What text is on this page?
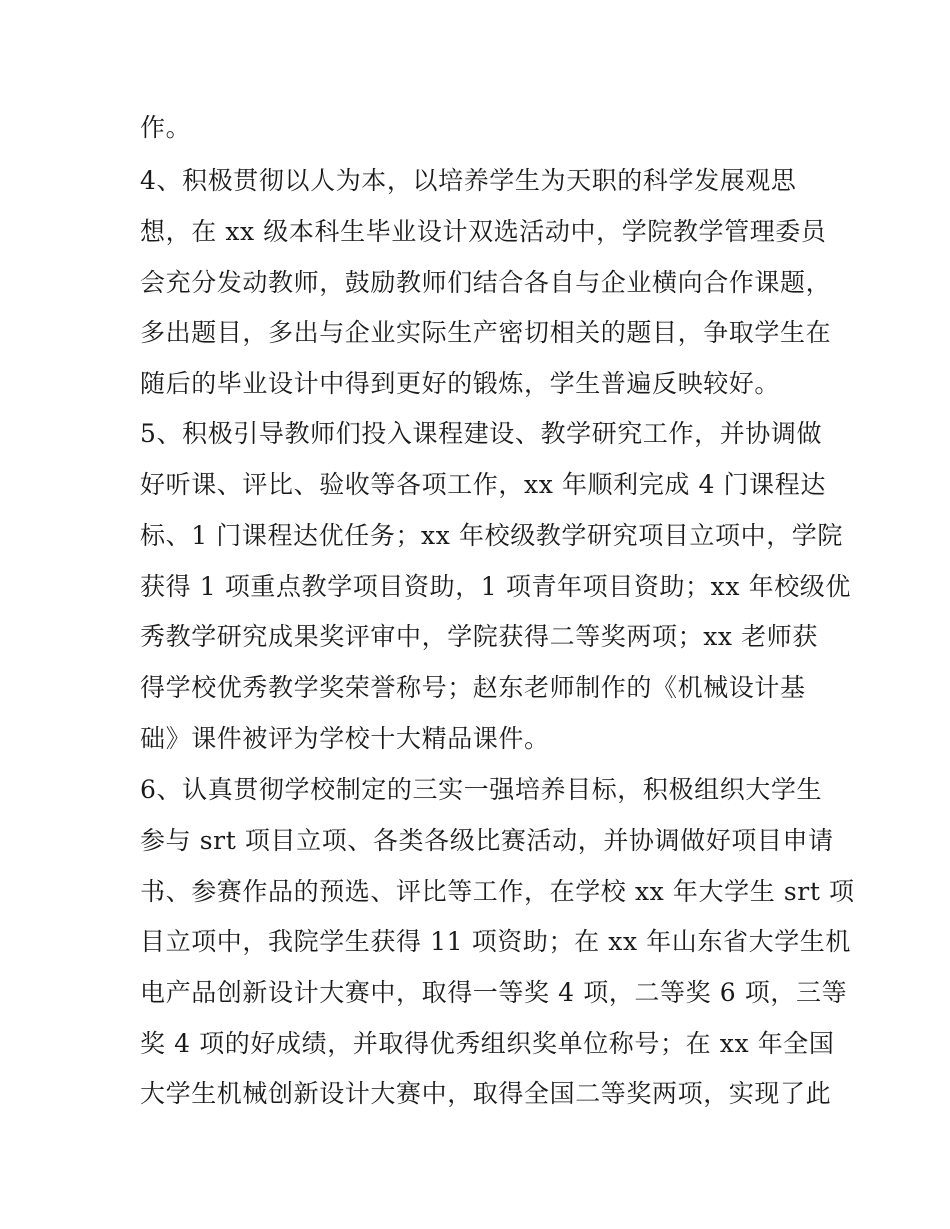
作。
4、积极贯彻以人为本，以培养学生为天职的科学发展观思
想，在 xx 级本科生毕业设计双选活动中，学院教学管理委员
会充分发动教师，鼓励教师们结合各自与企业横向合作课题，
多出题目，多出与企业实际生产密切相关的题目，争取学生在
随后的毕业设计中得到更好的锻炼，学生普遍反映较好。
5、积极引导教师们投入课程建设、教学研究工作，并协调做
好听课、评比、验收等各项工作，xx 年顺利完成 4 门课程达
标、1 门课程达优任务；xx 年校级教学研究项目立项中，学院
获得 1 项重点教学项目资助，1 项青年项目资助；xx 年校级优
秀教学研究成果奖评审中，学院获得二等奖两项；xx 老师获
得学校优秀教学奖荣誉称号；赵东老师制作的《机械设计基
础》课件被评为学校十大精品课件。
6、认真贯彻学校制定的三实一强培养目标，积极组织大学生
参与 srt 项目立项、各类各级比赛活动，并协调做好项目申请
书、参赛作品的预选、评比等工作，在学校 xx 年大学生 srt 项
目立项中，我院学生获得 11 项资助；在 xx 年山东省大学生机
电产品创新设计大赛中，取得一等奖 4 项，二等奖 6 项，三等
奖 4 项的好成绩，并取得优秀组织奖单位称号；在 xx 年全国
大学生机械创新设计大赛中，取得全国二等奖两项，实现了此
